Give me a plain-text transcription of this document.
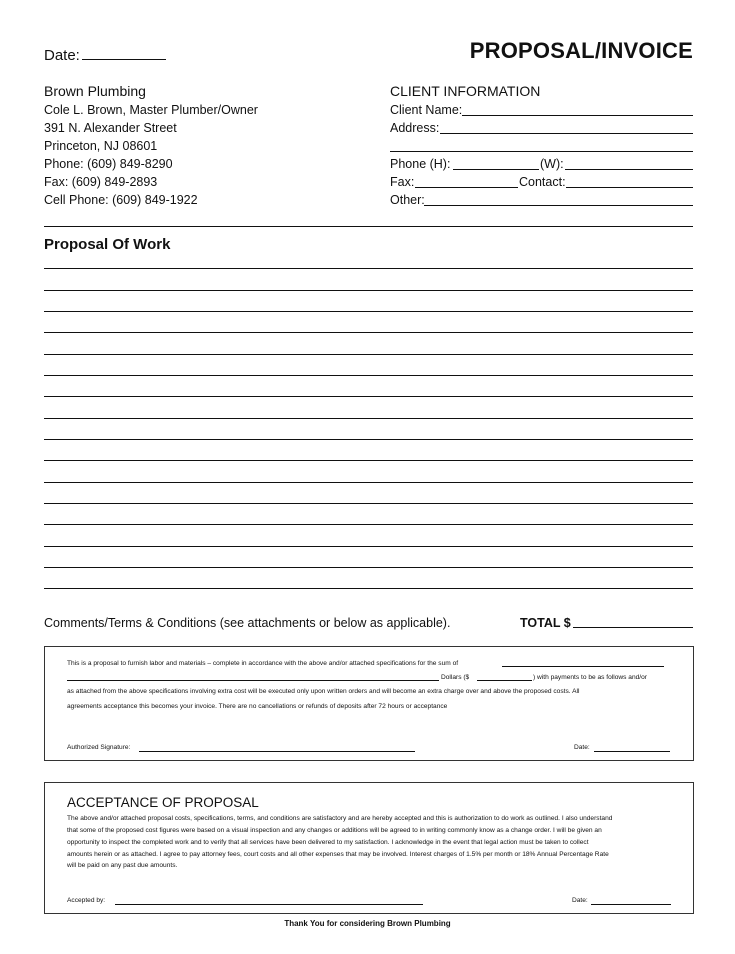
Date:	PROPOSAL/INVOICE
Brown Plumbing
Cole L. Brown, Master Plumber/Owner
391 N. Alexander Street
Princeton, NJ 08601
Phone: (609) 849-8290
Fax: (609) 849-2893
Cell Phone: (609) 849-1922
CLIENT INFORMATION
Client Name:
Address:
Phone (H):	(W):
Fax:	Contact:
Other:
Proposal Of Work
Comments/Terms & Conditions (see attachments or below as applicable).	TOTAL $
This is a proposal to furnish labor and materials – complete in accordance with the above and/or attached specifications for the sum of
Dollars ($	) with payments to be as follows and/or
as attached from the above specifications involving extra cost will be executed only upon written orders and will become an extra charge over and above the proposed costs. All
agreements acceptance this becomes your invoice. There are no cancellations or refunds of deposits after 72 hours or acceptance
Authorized Signature:	Date:
ACCEPTANCE OF PROPOSAL
The above and/or attached proposal costs, specifications, terms, and conditions are satisfactory and are hereby accepted and this is authorization to do work as outlined. I also understand
that some of the proposed cost figures were based on a visual inspection and any changes or additions will be agreed to in writing commonly know as a change order. I will be given an
opportunity to inspect the completed work and to verify that all services have been delivered to my satisfaction. I acknowledge in the event that legal action must be taken to collect
amounts herein or as attached. I agree to pay attorney fees, court costs and all other expenses that may be involved. Interest charges of 1.5% per month or 18% Annual Percentage Rate
will be paid on any past due amounts.
Accepted by:	Date:
Thank You for considering Brown Plumbing
